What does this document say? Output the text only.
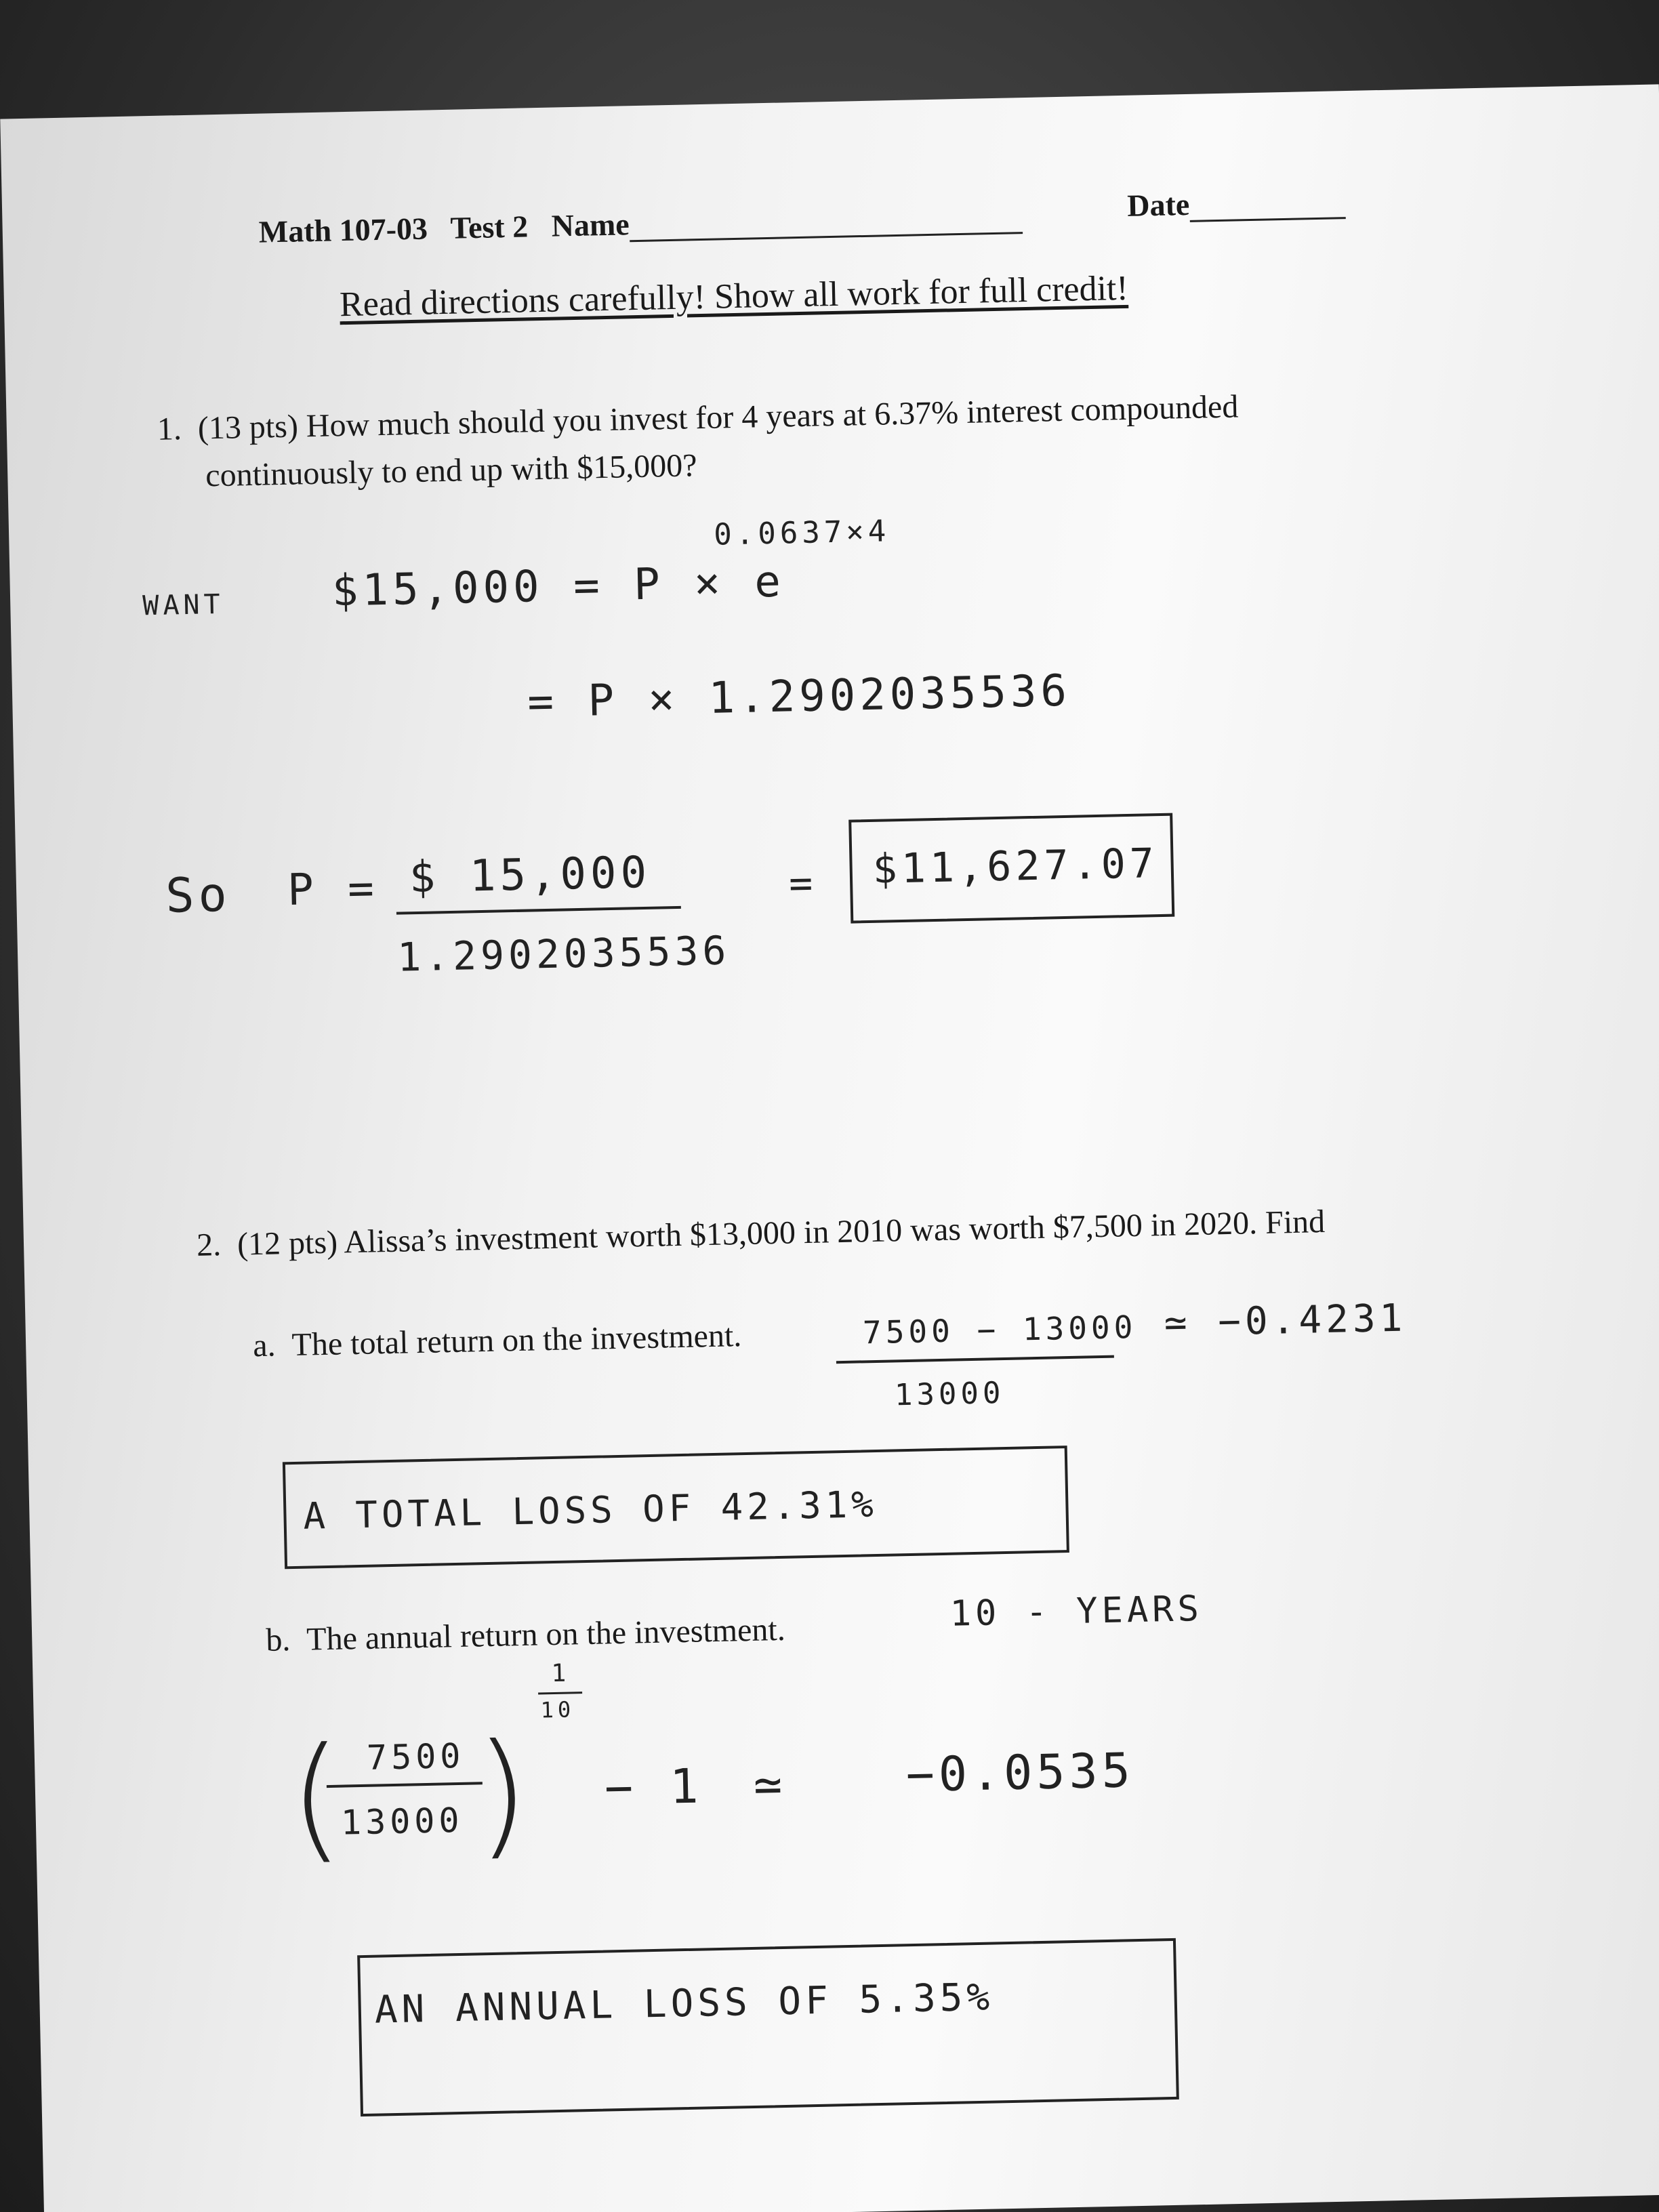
Math 107-03 Test 2 Name
Date
Read directions carefully! Show all work for full credit!
1. (13 pts) How much should you invest for 4 years at 6.37% interest compounded
continuously to end up with $15,000?
WANT $15,000 = P × e
0.0637×4
= P × 1.2902035536
So P = $ 15,000
1.2902035536
= $11,627.07
2. (12 pts) Alissa’s investment worth $13,000 in 2010 was worth $7,500 in 2020. Find
a. The total return on the investment.	7500 − 13000
13000
≃ −0.4231
A TOTAL LOSS OF 42.31%
b. The annual return on the investment.
10 - YEARS
( 7500
13000 )
1
10
− 1 ≃ −0.0535
AN ANNUAL LOSS OF 5.35%
